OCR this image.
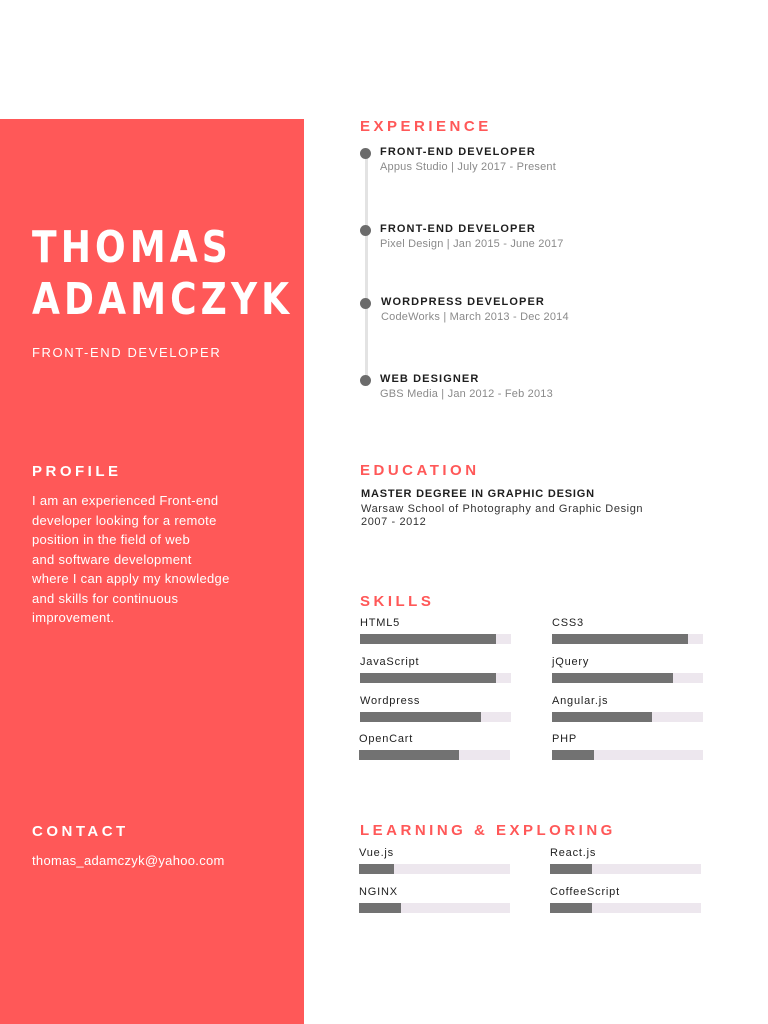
THOMAS
ADAMCZYK
FRONT-END DEVELOPER
PROFILE
I am an experienced Front-end
developer looking for a remote
position in the field of web
and software development
where I can apply my knowledge
and skills for continuous
improvement.
CONTACT
thomas_adamczyk@yahoo.com
EXPERIENCE
FRONT-END DEVELOPER
Appus Studio | July 2017 - Present
FRONT-END DEVELOPER
Pixel Design | Jan 2015 - June 2017
WORDPRESS DEVELOPER
CodeWorks | March 2013 - Dec 2014
WEB DESIGNER
GBS Media | Jan 2012 - Feb 2013
EDUCATION
MASTER DEGREE IN GRAPHIC DESIGN
Warsaw School of Photography and Graphic Design
2007 - 2012
SKILLS
HTML5	CSS3
JavaScript	jQuery
Wordpress	Angular.js
OpenCart	PHP
LEARNING & EXPLORING
Vue.js	React.js
NGINX	CoffeeScript
